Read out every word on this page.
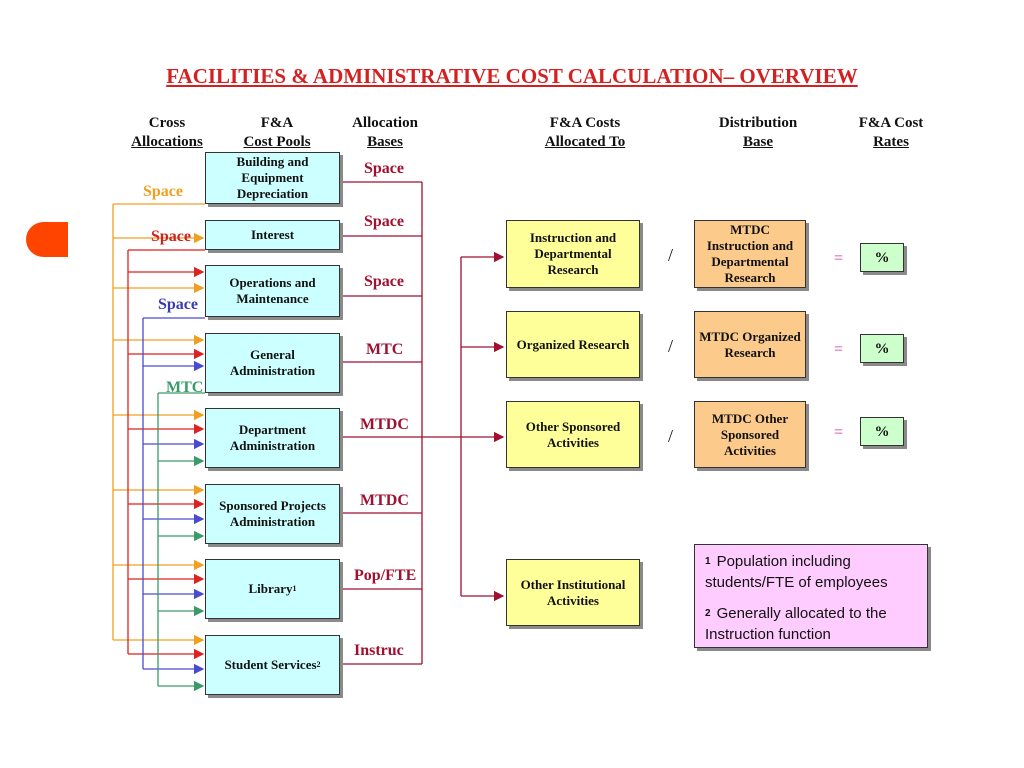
FACILITIES & ADMINISTRATIVE COST CALCULATION– OVERVIEW
Cross
Allocations
F&A
Cost Pools
Allocation
Bases
F&A Costs
Allocated To
Distribution
Base
F&A Cost
Rates
Building and Equipment Depreciation
Interest
Operations and Maintenance
General Administration
Department Administration
Sponsored Projects Administration
Library 1
Student Services 2
Space
Space
Space
MTC
MTDC
MTDC
Pop/FTE
Instruc
Space
Space
Space
MTC
Instruction and Departmental Research
Organized Research
Other Sponsored Activities
Other Institutional Activities
/
/
/
MTDC Instruction and Departmental Research
MTDC Organized Research
MTDC Other Sponsored Activities
=
=
=
%
%
%
$^1$ Population including students/FTE of employees
$^2$ Generally allocated to the Instruction function
